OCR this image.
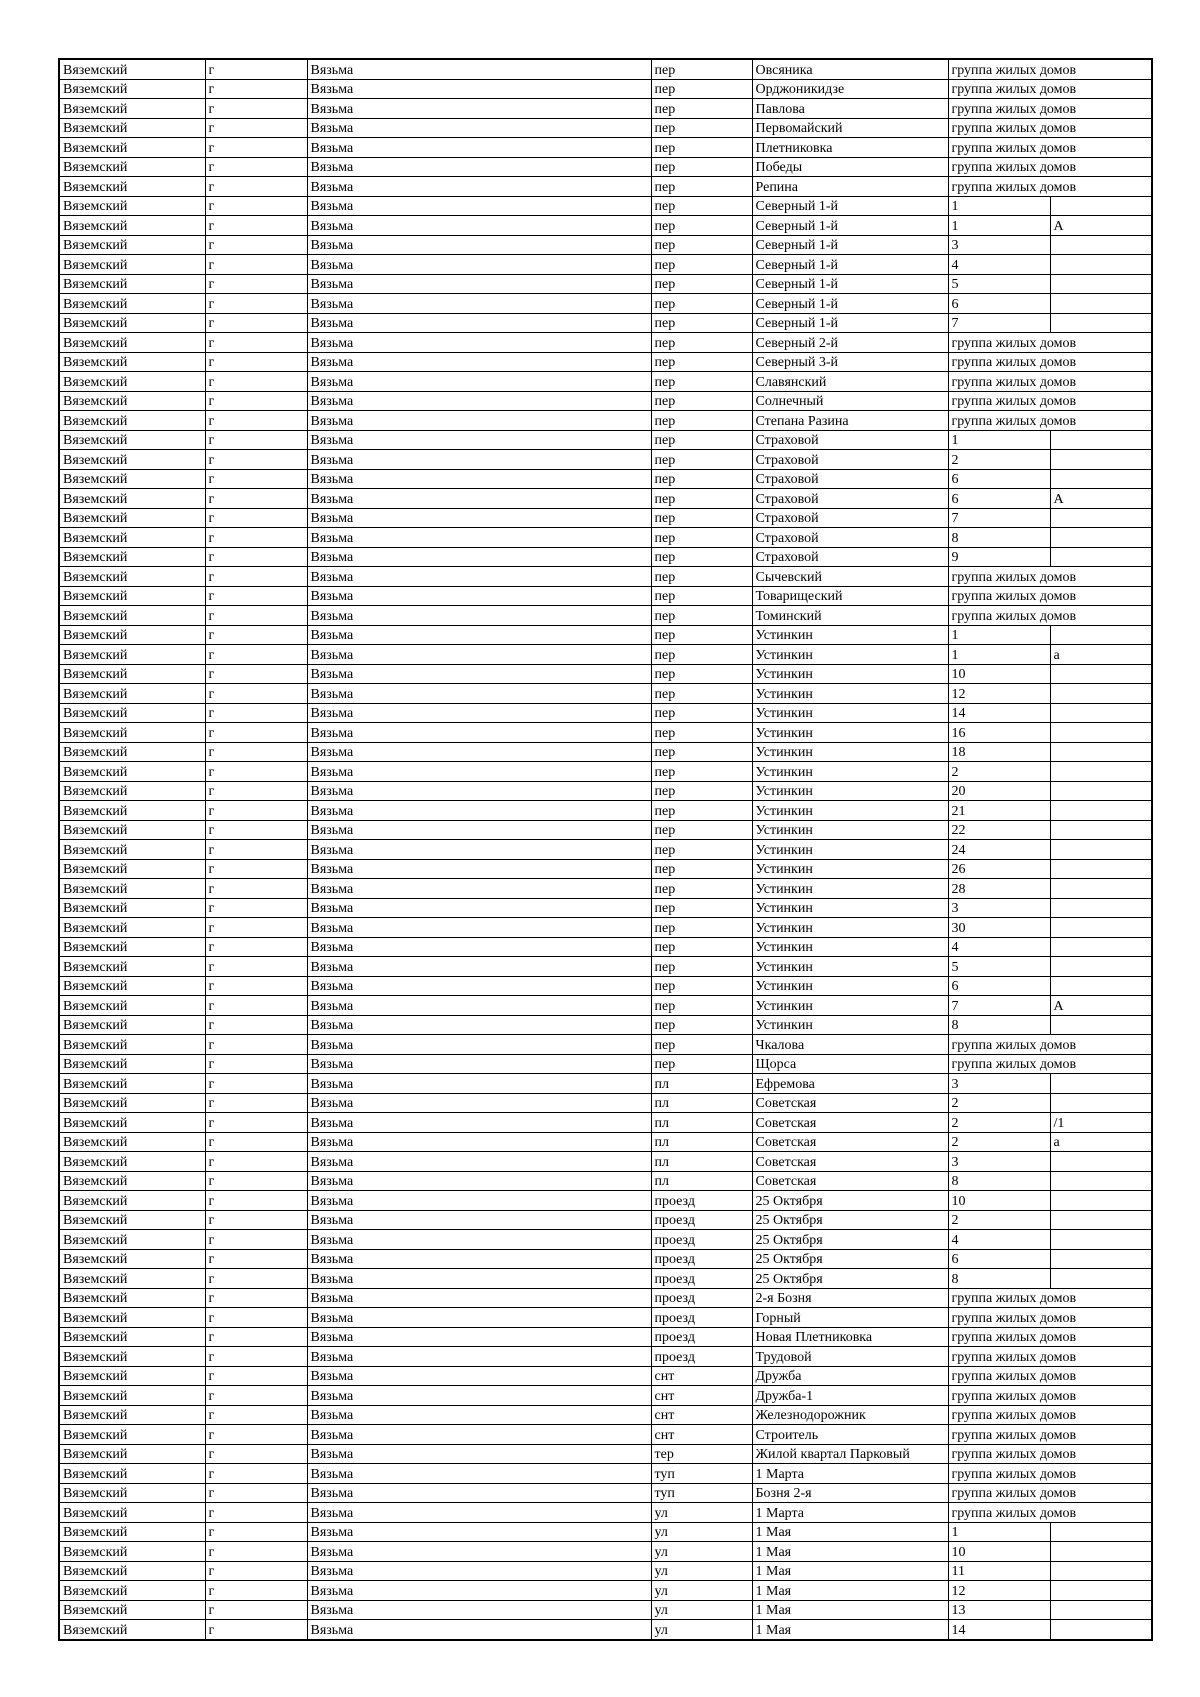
Вяземский	г	Вязьма	пер	Овсяника	группа жилых домов	
Вяземский	г	Вязьма	пер	Орджоникидзе	группа жилых домов	
Вяземский	г	Вязьма	пер	Павлова	группа жилых домов	
Вяземский	г	Вязьма	пер	Первомайский	группа жилых домов	
Вяземский	г	Вязьма	пер	Плетниковка	группа жилых домов	
Вяземский	г	Вязьма	пер	Победы	группа жилых домов	
Вяземский	г	Вязьма	пер	Репина	группа жилых домов	
Вяземский	г	Вязьма	пер	Северный 1-й	1	
Вяземский	г	Вязьма	пер	Северный 1-й	1	А
Вяземский	г	Вязьма	пер	Северный 1-й	3	
Вяземский	г	Вязьма	пер	Северный 1-й	4	
Вяземский	г	Вязьма	пер	Северный 1-й	5	
Вяземский	г	Вязьма	пер	Северный 1-й	6	
Вяземский	г	Вязьма	пер	Северный 1-й	7	
Вяземский	г	Вязьма	пер	Северный 2-й	группа жилых домов	
Вяземский	г	Вязьма	пер	Северный 3-й	группа жилых домов	
Вяземский	г	Вязьма	пер	Славянский	группа жилых домов	
Вяземский	г	Вязьма	пер	Солнечный	группа жилых домов	
Вяземский	г	Вязьма	пер	Степана Разина	группа жилых домов	
Вяземский	г	Вязьма	пер	Страховой	1	
Вяземский	г	Вязьма	пер	Страховой	2	
Вяземский	г	Вязьма	пер	Страховой	6	
Вяземский	г	Вязьма	пер	Страховой	6	А
Вяземский	г	Вязьма	пер	Страховой	7	
Вяземский	г	Вязьма	пер	Страховой	8	
Вяземский	г	Вязьма	пер	Страховой	9	
Вяземский	г	Вязьма	пер	Сычевский	группа жилых домов	
Вяземский	г	Вязьма	пер	Товарищеский	группа жилых домов	
Вяземский	г	Вязьма	пер	Томинский	группа жилых домов	
Вяземский	г	Вязьма	пер	Устинкин	1	
Вяземский	г	Вязьма	пер	Устинкин	1	а
Вяземский	г	Вязьма	пер	Устинкин	10	
Вяземский	г	Вязьма	пер	Устинкин	12	
Вяземский	г	Вязьма	пер	Устинкин	14	
Вяземский	г	Вязьма	пер	Устинкин	16	
Вяземский	г	Вязьма	пер	Устинкин	18	
Вяземский	г	Вязьма	пер	Устинкин	2	
Вяземский	г	Вязьма	пер	Устинкин	20	
Вяземский	г	Вязьма	пер	Устинкин	21	
Вяземский	г	Вязьма	пер	Устинкин	22	
Вяземский	г	Вязьма	пер	Устинкин	24	
Вяземский	г	Вязьма	пер	Устинкин	26	
Вяземский	г	Вязьма	пер	Устинкин	28	
Вяземский	г	Вязьма	пер	Устинкин	3	
Вяземский	г	Вязьма	пер	Устинкин	30	
Вяземский	г	Вязьма	пер	Устинкин	4	
Вяземский	г	Вязьма	пер	Устинкин	5	
Вяземский	г	Вязьма	пер	Устинкин	6	
Вяземский	г	Вязьма	пер	Устинкин	7	А
Вяземский	г	Вязьма	пер	Устинкин	8	
Вяземский	г	Вязьма	пер	Чкалова	группа жилых домов	
Вяземский	г	Вязьма	пер	Щорса	группа жилых домов	
Вяземский	г	Вязьма	пл	Ефремова	3	
Вяземский	г	Вязьма	пл	Советская	2	
Вяземский	г	Вязьма	пл	Советская	2	/1
Вяземский	г	Вязьма	пл	Советская	2	а
Вяземский	г	Вязьма	пл	Советская	3	
Вяземский	г	Вязьма	пл	Советская	8	
Вяземский	г	Вязьма	проезд	25 Октября	10	
Вяземский	г	Вязьма	проезд	25 Октября	2	
Вяземский	г	Вязьма	проезд	25 Октября	4	
Вяземский	г	Вязьма	проезд	25 Октября	6	
Вяземский	г	Вязьма	проезд	25 Октября	8	
Вяземский	г	Вязьма	проезд	2-я Бозня	группа жилых домов	
Вяземский	г	Вязьма	проезд	Горный	группа жилых домов	
Вяземский	г	Вязьма	проезд	Новая Плетниковка	группа жилых домов	
Вяземский	г	Вязьма	проезд	Трудовой	группа жилых домов	
Вяземский	г	Вязьма	снт	Дружба	группа жилых домов	
Вяземский	г	Вязьма	снт	Дружба-1	группа жилых домов	
Вяземский	г	Вязьма	снт	Железнодорожник	группа жилых домов	
Вяземский	г	Вязьма	снт	Строитель	группа жилых домов	
Вяземский	г	Вязьма	тер	Жилой квартал Парковый	группа жилых домов	
Вяземский	г	Вязьма	туп	1 Марта	группа жилых домов	
Вяземский	г	Вязьма	туп	Бозня 2-я	группа жилых домов	
Вяземский	г	Вязьма	ул	1 Марта	группа жилых домов	
Вяземский	г	Вязьма	ул	1 Мая	1	
Вяземский	г	Вязьма	ул	1 Мая	10	
Вяземский	г	Вязьма	ул	1 Мая	11	
Вяземский	г	Вязьма	ул	1 Мая	12	
Вяземский	г	Вязьма	ул	1 Мая	13	
Вяземский	г	Вязьма	ул	1 Мая	14	
